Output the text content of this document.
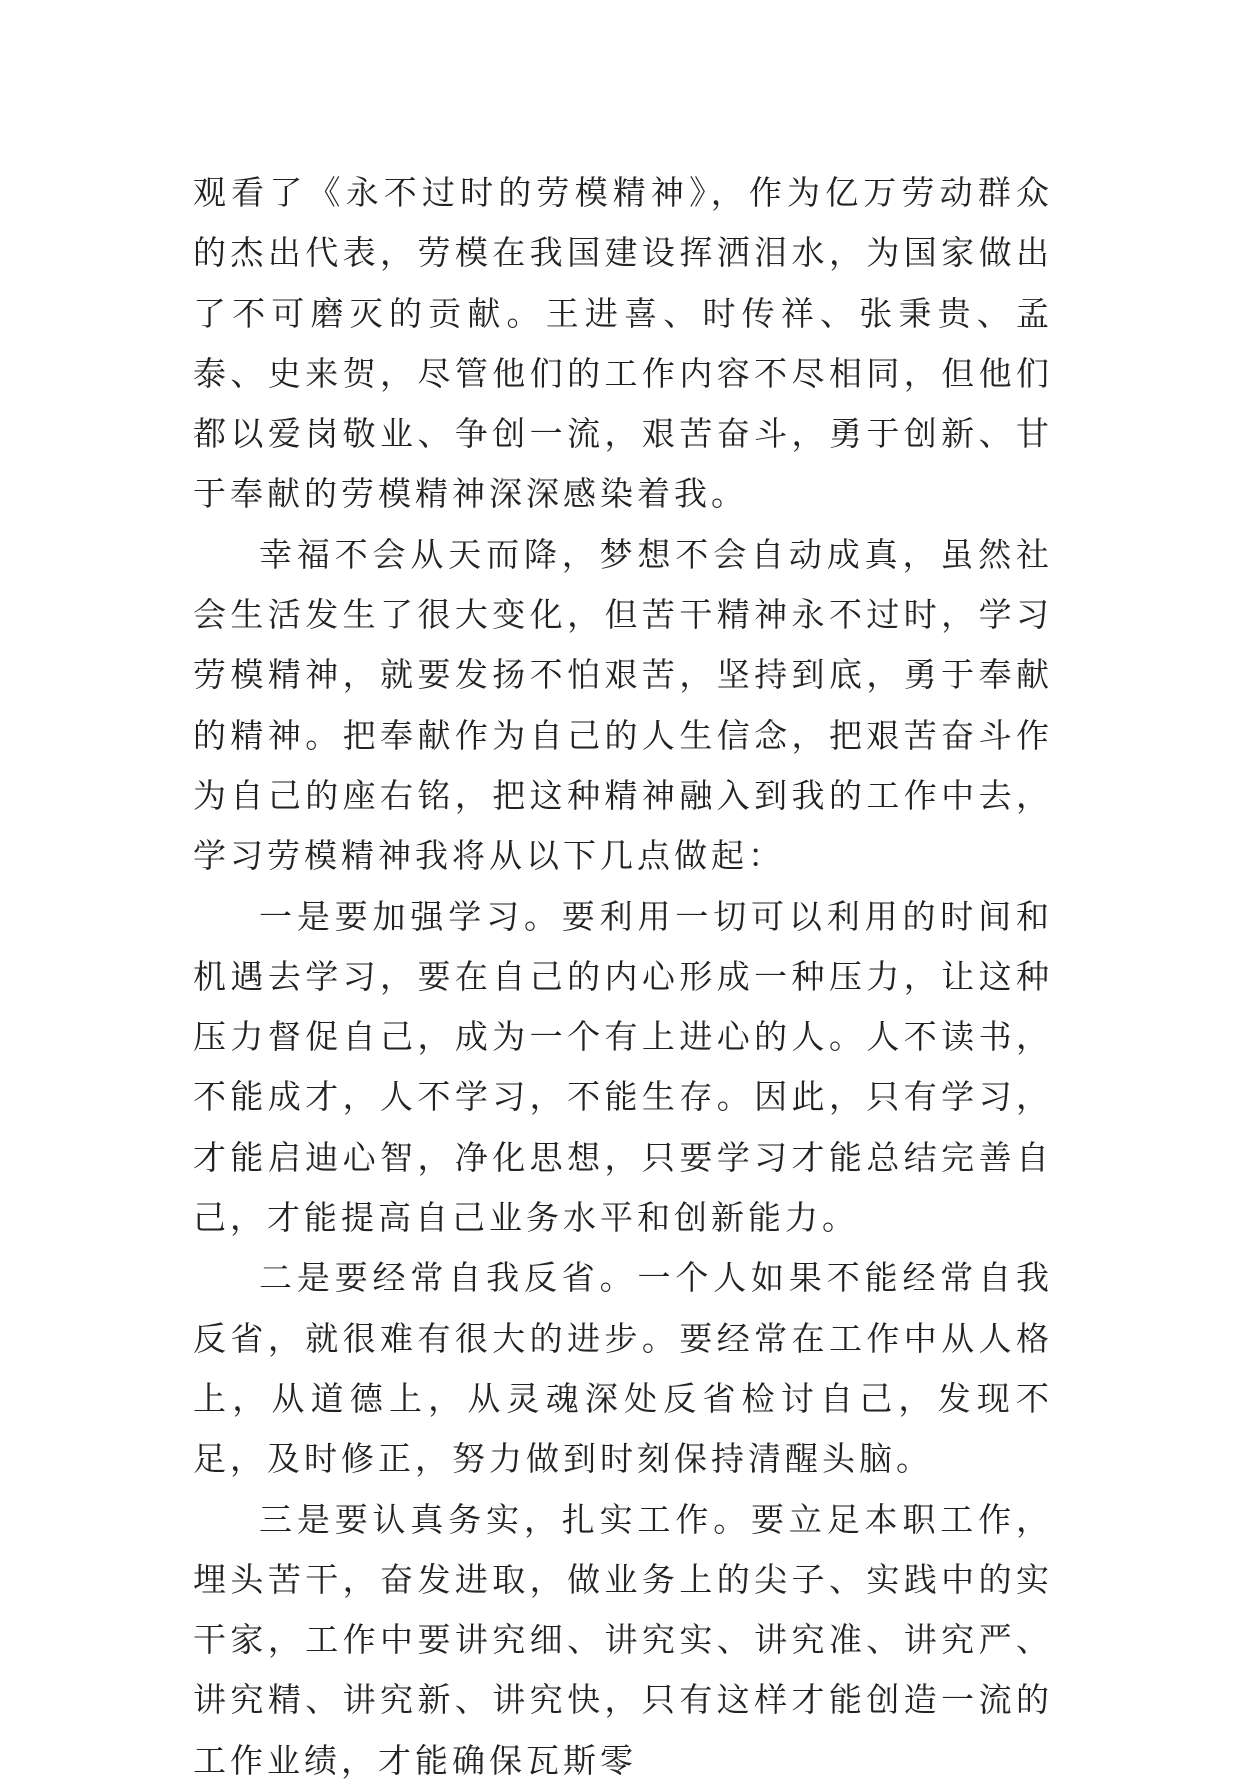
观看了《永不过时的劳模精神》，作为亿万劳动群众的杰出代表，劳模在我国建设挥洒泪水，为国家做出了不可磨灭的贡献。王进喜、时传祥、张秉贵、孟泰、史来贺，尽管他们的工作内容不尽相同，但他们都以爱岗敬业、争创一流，艰苦奋斗，勇于创新、甘于奉献的劳模精神深深感染着我。

幸福不会从天而降，梦想不会自动成真，虽然社会生活发生了很大变化，但苦干精神永不过时，学习劳模精神，就要发扬不怕艰苦，坚持到底，勇于奉献的精神。把奉献作为自己的人生信念，把艰苦奋斗作为自己的座右铭，把这种精神融入到我的工作中去，学习劳模精神我将从以下几点做起：

一是要加强学习。要利用一切可以利用的时间和机遇去学习，要在自己的内心形成一种压力，让这种压力督促自己，成为一个有上进心的人。人不读书，不能成才，人不学习，不能生存。因此，只有学习，才能启迪心智，净化思想，只要学习才能总结完善自己，才能提高自己业务水平和创新能力。

二是要经常自我反省。一个人如果不能经常自我反省，就很难有很大的进步。要经常在工作中从人格上，从道德上，从灵魂深处反省检讨自己，发现不足，及时修正，努力做到时刻保持清醒头脑。

三是要认真务实，扎实工作。要立足本职工作，埋头苦干，奋发进取，做业务上的尖子、实践中的实干家，工作中要讲究细、讲究实、讲究准、讲究严、讲究精、讲究新、讲究快，只有这样才能创造一流的工作业绩，才能确保瓦斯零
